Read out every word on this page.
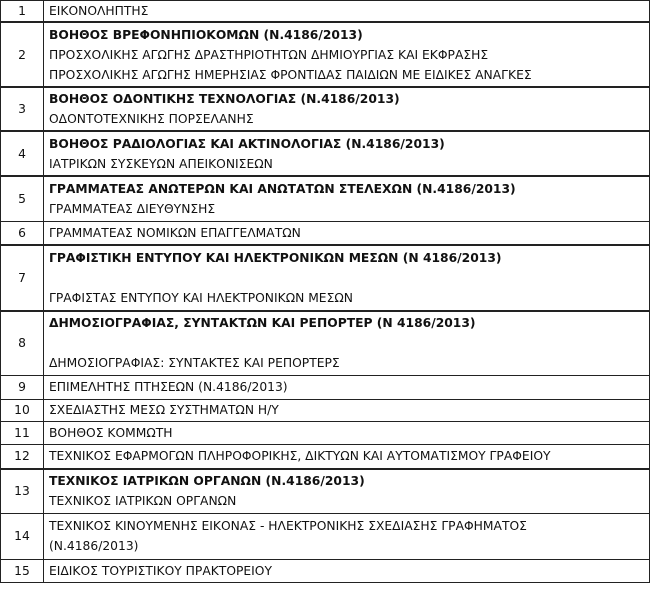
1	ΕΙΚΟΝΟΛΗΠΤΗΣ

2	ΒΟΗΘΟΣ ΒΡΕΦΟΝΗΠΙΟΚΟΜΩΝ (Ν.4186/2013)
ΠΡΟΣΧΟΛΙΚΗΣ ΑΓΩΓΗΣ ΔΡΑΣΤΗΡΙΟΤΗΤΩΝ ΔΗΜΙΟΥΡΓΙΑΣ ΚΑΙ ΕΚΦΡΑΣΗΣ
ΠΡΟΣΧΟΛΙΚΗΣ ΑΓΩΓΗΣ ΗΜΕΡΗΣΙΑΣ ΦΡΟΝΤΙΔΑΣ ΠΑΙΔΙΩΝ ΜΕ ΕΙΔΙΚΕΣ ΑΝΑΓΚΕΣ

3	ΒΟΗΘΟΣ ΟΔΟΝΤΙΚΗΣ ΤΕΧΝΟΛΟΓΙΑΣ (Ν.4186/2013)
ΟΔΟΝΤΟΤΕΧΝΙΚΗΣ ΠΟΡΣΕΛΑΝΗΣ

4	ΒΟΗΘΟΣ ΡΑΔΙΟΛΟΓΙΑΣ ΚΑΙ ΑΚΤΙΝΟΛΟΓΙΑΣ (Ν.4186/2013)
ΙΑΤΡΙΚΩΝ ΣΥΣΚΕΥΩΝ ΑΠΕΙΚΟΝΙΣΕΩΝ

5	ΓΡΑΜΜΑΤΕΑΣ ΑΝΩΤΕΡΩΝ ΚΑΙ ΑΝΩΤΑΤΩΝ ΣΤΕΛΕΧΩΝ (Ν.4186/2013)
ΓΡΑΜΜΑΤΕΑΣ ΔΙΕΥΘΥΝΣΗΣ

6	ΓΡΑΜΜΑΤΕΑΣ ΝΟΜΙΚΩΝ ΕΠΑΓΓΕΛΜΑΤΩΝ

7	ΓΡΑΦΙΣΤΙΚΗ ΕΝΤΥΠΟΥ ΚΑΙ ΗΛΕΚΤΡΟΝΙΚΩΝ ΜΕΣΩΝ (Ν 4186/2013)
ΓΡΑΦΙΣΤΑΣ ΕΝΤΥΠΟΥ ΚΑΙ ΗΛΕΚΤΡΟΝΙΚΩΝ ΜΕΣΩΝ

8	ΔΗΜΟΣΙΟΓΡΑΦΙΑΣ, ΣΥΝΤΑΚΤΩΝ ΚΑΙ ΡΕΠΟΡΤΕΡ (Ν 4186/2013)
ΔΗΜΟΣΙΟΓΡΑΦΙΑΣ: ΣΥΝΤΑΚΤΕΣ ΚΑΙ ΡΕΠΟΡΤΕΡΣ

9	ΕΠΙΜΕΛΗΤΗΣ ΠΤΗΣΕΩΝ (Ν.4186/2013)

10	ΣΧΕΔΙΑΣΤΗΣ ΜΕΣΩ ΣΥΣΤΗΜΑΤΩΝ Η/Υ

11	ΒΟΗΘΟΣ ΚΟΜΜΩΤΗ

12	ΤΕΧΝΙΚΟΣ ΕΦΑΡΜΟΓΩΝ ΠΛΗΡΟΦΟΡΙΚΗΣ, ΔΙΚΤΥΩΝ ΚΑΙ ΑΥΤΟΜΑΤΙΣΜΟΥ ΓΡΑΦΕΙΟΥ

13	ΤΕΧΝΙΚΟΣ ΙΑΤΡΙΚΩΝ ΟΡΓΑΝΩΝ (Ν.4186/2013)
ΤΕΧΝΙΚΟΣ ΙΑΤΡΙΚΩΝ ΟΡΓΑΝΩΝ

14	ΤΕΧΝΙΚΟΣ ΚΙΝΟΥΜΕΝΗΣ ΕΙΚΟΝΑΣ - ΗΛΕΚΤΡΟΝΙΚΗΣ ΣΧΕΔΙΑΣΗΣ ΓΡΑΦΗΜΑΤΟΣ
(Ν.4186/2013)

15	ΕΙΔΙΚΟΣ ΤΟΥΡΙΣΤΙΚΟΥ ΠΡΑΚΤΟΡΕΙΟΥ
